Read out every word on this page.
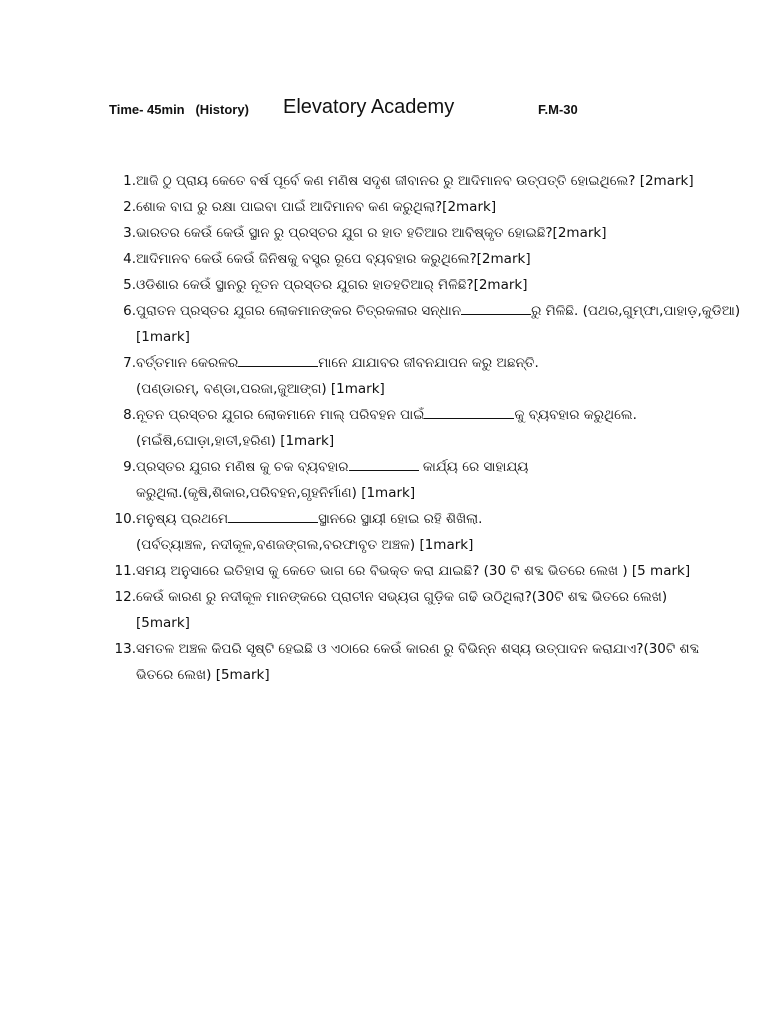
Time- 45min (History) Elevatory Academy	F.M-30
1. ଆଜି ଠୁ ପ୍ରାୟ କେତେ ବର୍ଷ ପୂର୍ବେ କଣ ମଣିଷ ସଦୃଶ ଜୀବାନର ରୁ ଆଦିମାନବ ଉତ୍ପତ୍ତି ହୋଇଥିଲେ? [2mark]
2. ଶୋକ ବାଘ ରୁ ରକ୍ଷା ପାଇବା ପାଇଁ ଆଦିମାନବ କଣ କରୁଥିଲା?[2mark]
3. ଭାରତର କେଉଁ କେଉଁ ସ୍ଥାନ ରୁ ପ୍ରସ୍ତର ଯୁଗ ର ହାତ ହତିଆର ଆବିଷ୍କୃତ ହୋଇଛି?[2mark]
4. ଆଦିମାନବ କେଉଁ କେଉଁ ଜିନିଷକୁ ବସ୍ତ୍ର ରୂପେ ବ୍ୟବହାର କରୁଥିଲେ?[2mark]
5. ଓଡିଶାର କେଉଁ ସ୍ଥାନରୁ ନୂତନ ପ୍ରସ୍ତର ଯୁଗର ହାତହତିଆର୍ ମିଳିଛି?[2mark]
6. ପୁରାତନ ପ୍ରସ୍ତର ଯୁଗର ଲୋକମାନଙ୍କର ଚିତ୍ରକଳାର ସନ୍ଧାନ	ରୁ ମିଳିଛି. (ପଥର,ଗୁମ୍ଫା,ପାହାଡ଼,କୁଡିଆ)
[1mark]
7. ବର୍ତ୍ତମାନ କେରଳର	ମାନେ ଯାଯାବର ଜୀବନଯାପନ କରୁ ଅଛନ୍ତି.
(ପଣ୍ଡାରମ୍, ବଣ୍ଡା,ପରଜା,ଜୁଆଙ୍ଗ) [1mark]
8. ନୂତନ ପ୍ରସ୍ତର ଯୁଗର ଲୋକମାନେ ମାଲ୍ ପରିବହନ ପାଇଁ	କୁ ବ୍ୟବହାର କରୁଥିଲେ.
(ମଇଁଷି,ଘୋଡ଼ା,ହାତୀ,ହରିଣ) [1mark]
9. ପ୍ରସ୍ତର ଯୁଗର ମଣିଷ କୁ ଚକ ବ୍ୟବହାର	କାର୍ଯ୍ୟ ରେ ସାହାଯ୍ୟ
କରୁଥିଲା.(କୃଷି,ଶିକାର,ପରିବହନ,ଗୃହନିର୍ମାଣ) [1mark]
10. ମନୁଷ୍ୟ ପ୍ରଥମେ	ସ୍ଥାନରେ ସ୍ଥାୟୀ ହୋଇ ରହି ଶିଖିଲା.
(ପର୍ବତ୍ୟାଞ୍ଚଳ, ନଦୀକୂଳ,ବଣଜଙ୍ଗଲ,ବରଫାବୃତ ଅଞ୍ଚଳ) [1mark]
11. ସମୟ ଅନୁସାରେ ଇତିହାସ କୁ କେତେ ଭାଗ ରେ ବିଭକ୍ତ କରା ଯାଇଛି? (30 ଟି ଶବ୍ଦ ଭିତରେ ଲେଖ ) [5 mark]
12. କେଉଁ କାରଣ ରୁ ନଦୀକୂଳ ମାନଙ୍କରେ ପ୍ରାଚୀନ ସଭ୍ୟତା ଗୁଡ଼ିକ ଗଢି ଉଠିଥିଲା?(30ଟି ଶବ୍ଦ ଭିତରେ ଲେଖ)
[5mark]
13. ସମତଳ ଅଞ୍ଚଳ କିପରି ସୃଷ୍ଟି ହେଇଛି ଓ ଏଠାରେ କେଉଁ କାରଣ ରୁ ବିଭିନ୍ନ ଶସ୍ୟ ଉତ୍ପାଦନ କରାଯାଏ?(30ଟି ଶବ୍ଦ
ଭିତରେ ଲେଖ) [5mark]
